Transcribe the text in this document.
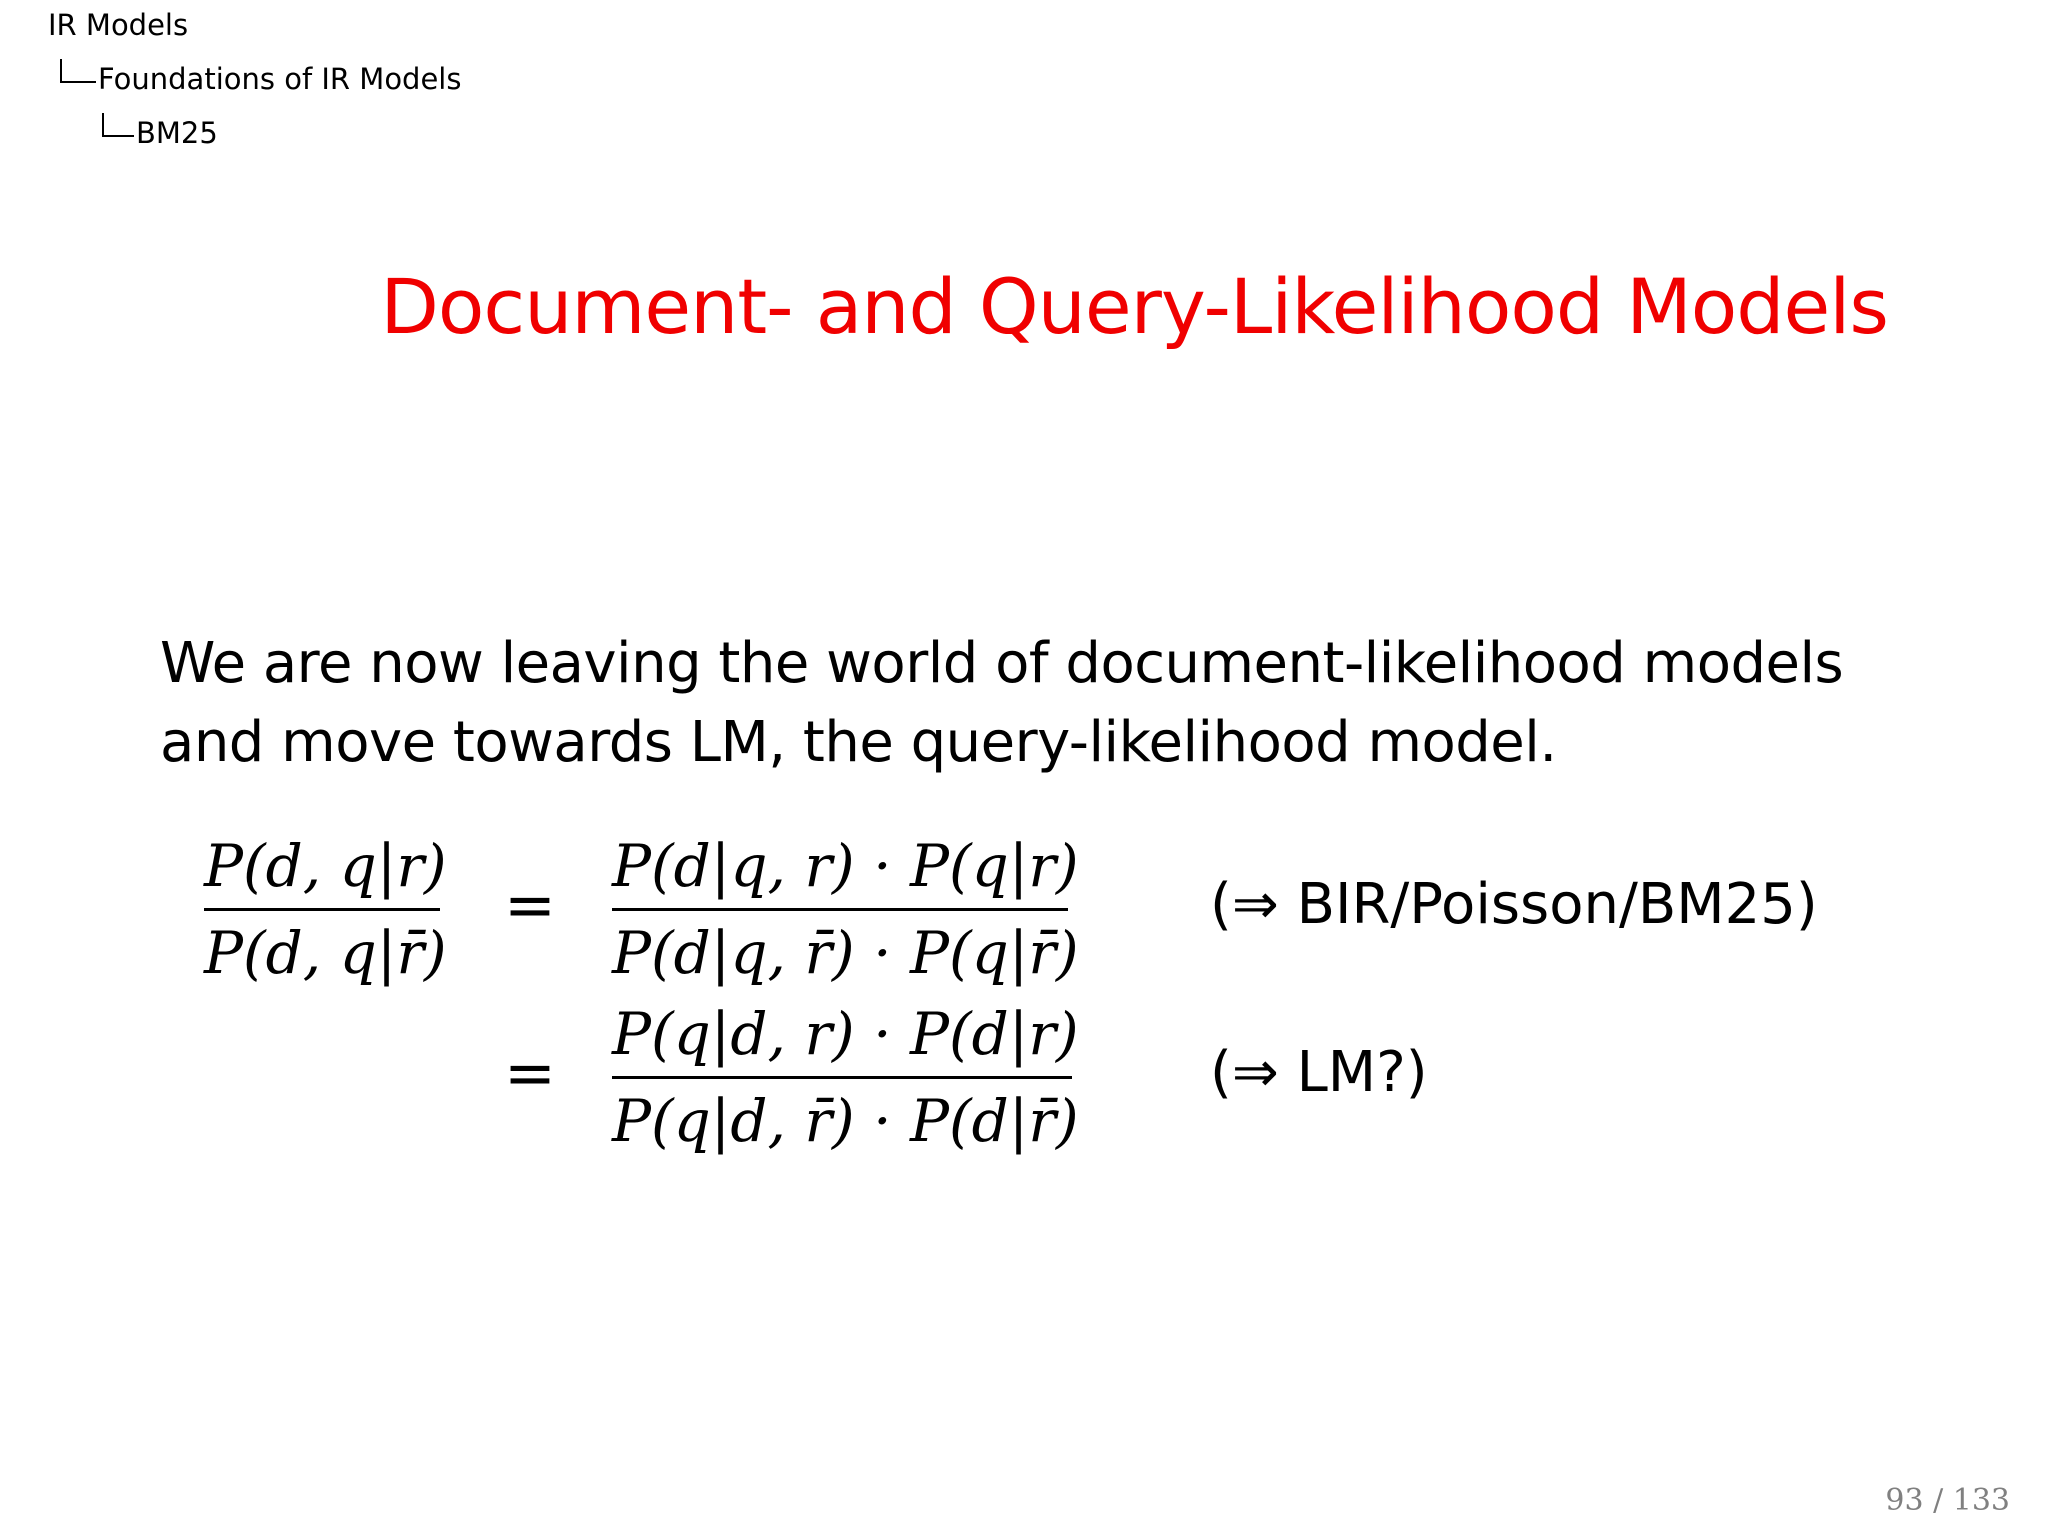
IR Models
Foundations of IR Models
BM25
Document- and Query-Likelihood Models
We are now leaving the world of document-likelihood models and move towards LM, the query-likelihood model.
P(d, q|r)
P(d, q|r̄)
=
P(d|q, r) · P(q|r)
P(d|q, r̄) · P(q|r̄)
(⇒ BIR/Poisson/BM25)
=
P(q|d, r) · P(d|r)
P(q|d, r̄) · P(d|r̄)
(⇒ LM?)
93 / 133
